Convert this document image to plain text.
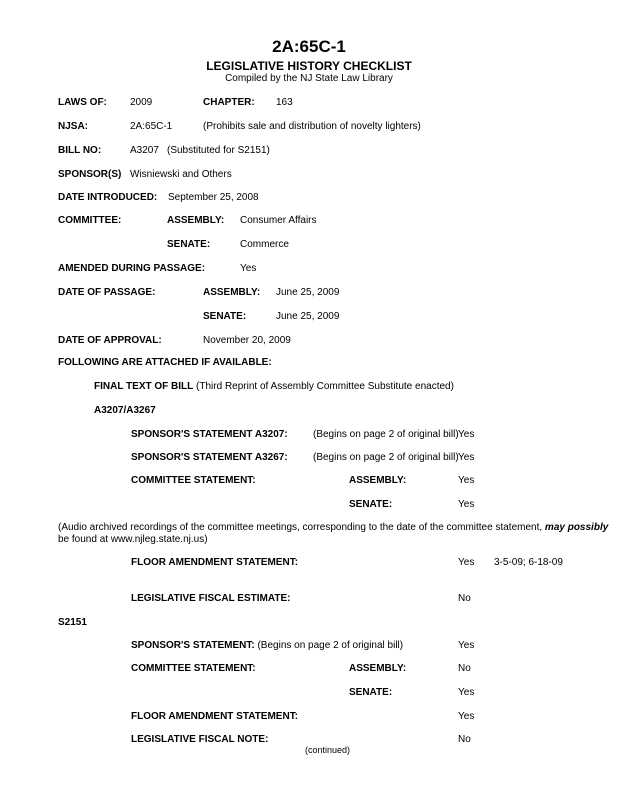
2A:65C-1
LEGISLATIVE HISTORY CHECKLIST
Compiled by the NJ State Law Library
LAWS OF: 2009	CHAPTER: 163
NJSA:	2A:65C-1	(Prohibits sale and distribution of novelty lighters)
BILL NO:	A3207 (Substituted for S2151)
SPONSOR(S) Wisniewski and Others
DATE INTRODUCED: September 25, 2008
COMMITTEE:	ASSEMBLY: Consumer Affairs
SENATE:	Commerce
AMENDED DURING PASSAGE:	Yes
DATE OF PASSAGE:	ASSEMBLY: June 25, 2009
SENATE:	June 25, 2009
DATE OF APPROVAL:	November 20, 2009
FOLLOWING ARE ATTACHED IF AVAILABLE:
FINAL TEXT OF BILL (Third Reprint of Assembly Committee Substitute enacted)
A3207/A3267
SPONSOR'S STATEMENT A3207:	(Begins on page 2 of original bill) Yes
SPONSOR'S STATEMENT A3267:	(Begins on page 2 of original bill) Yes
COMMITTEE STATEMENT:	ASSEMBLY:	Yes
SENATE:	Yes
(Audio archived recordings of the committee meetings, corresponding to the date of the committee statement, may possibly
be found at www.njleg.state.nj.us)
FLOOR AMENDMENT STATEMENT:	Yes 3-5-09; 6-18-09
LEGISLATIVE FISCAL ESTIMATE:	No
S2151
SPONSOR'S STATEMENT: (Begins on page 2 of original bill)	Yes
COMMITTEE STATEMENT:	ASSEMBLY:	No
SENATE:	Yes
FLOOR AMENDMENT STATEMENT:	Yes
LEGISLATIVE FISCAL NOTE:	No
(continued)
